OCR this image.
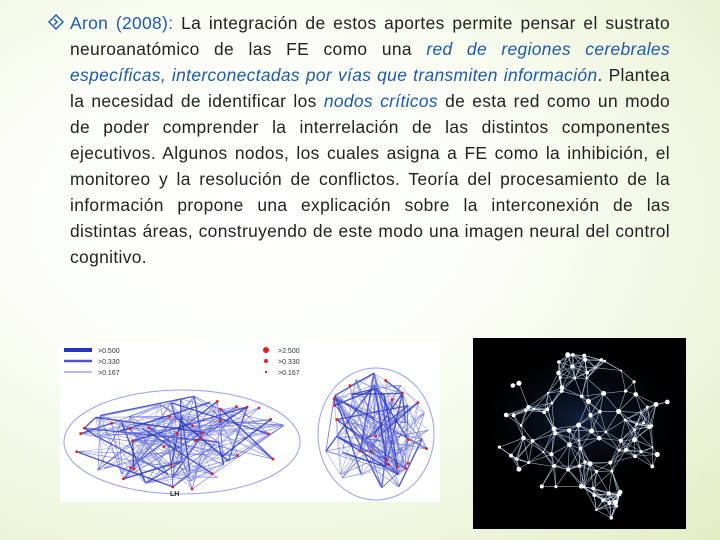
Aron (2008): La integración de estos aportes permite pensar el sustrato neuroanatómico de las FE como una red de regiones cerebrales específicas, interconectadas por vías que transmiten información. Plantea la necesidad de identificar los nodos críticos de esta red como un modo de poder comprender la interrelación de las distintos componentes ejecutivos. Algunos nodos, los cuales asigna a FE como la inhibición, el monitoreo y la resolución de conflictos. Teoría del procesamiento de la información propone una explicación sobre la interconexión de las distintas áreas, construyendo de este modo una imagen neural del control cognitivo.
>0.500
>0.330
>0.167
>2.500
>0.330
>0.167
LH
